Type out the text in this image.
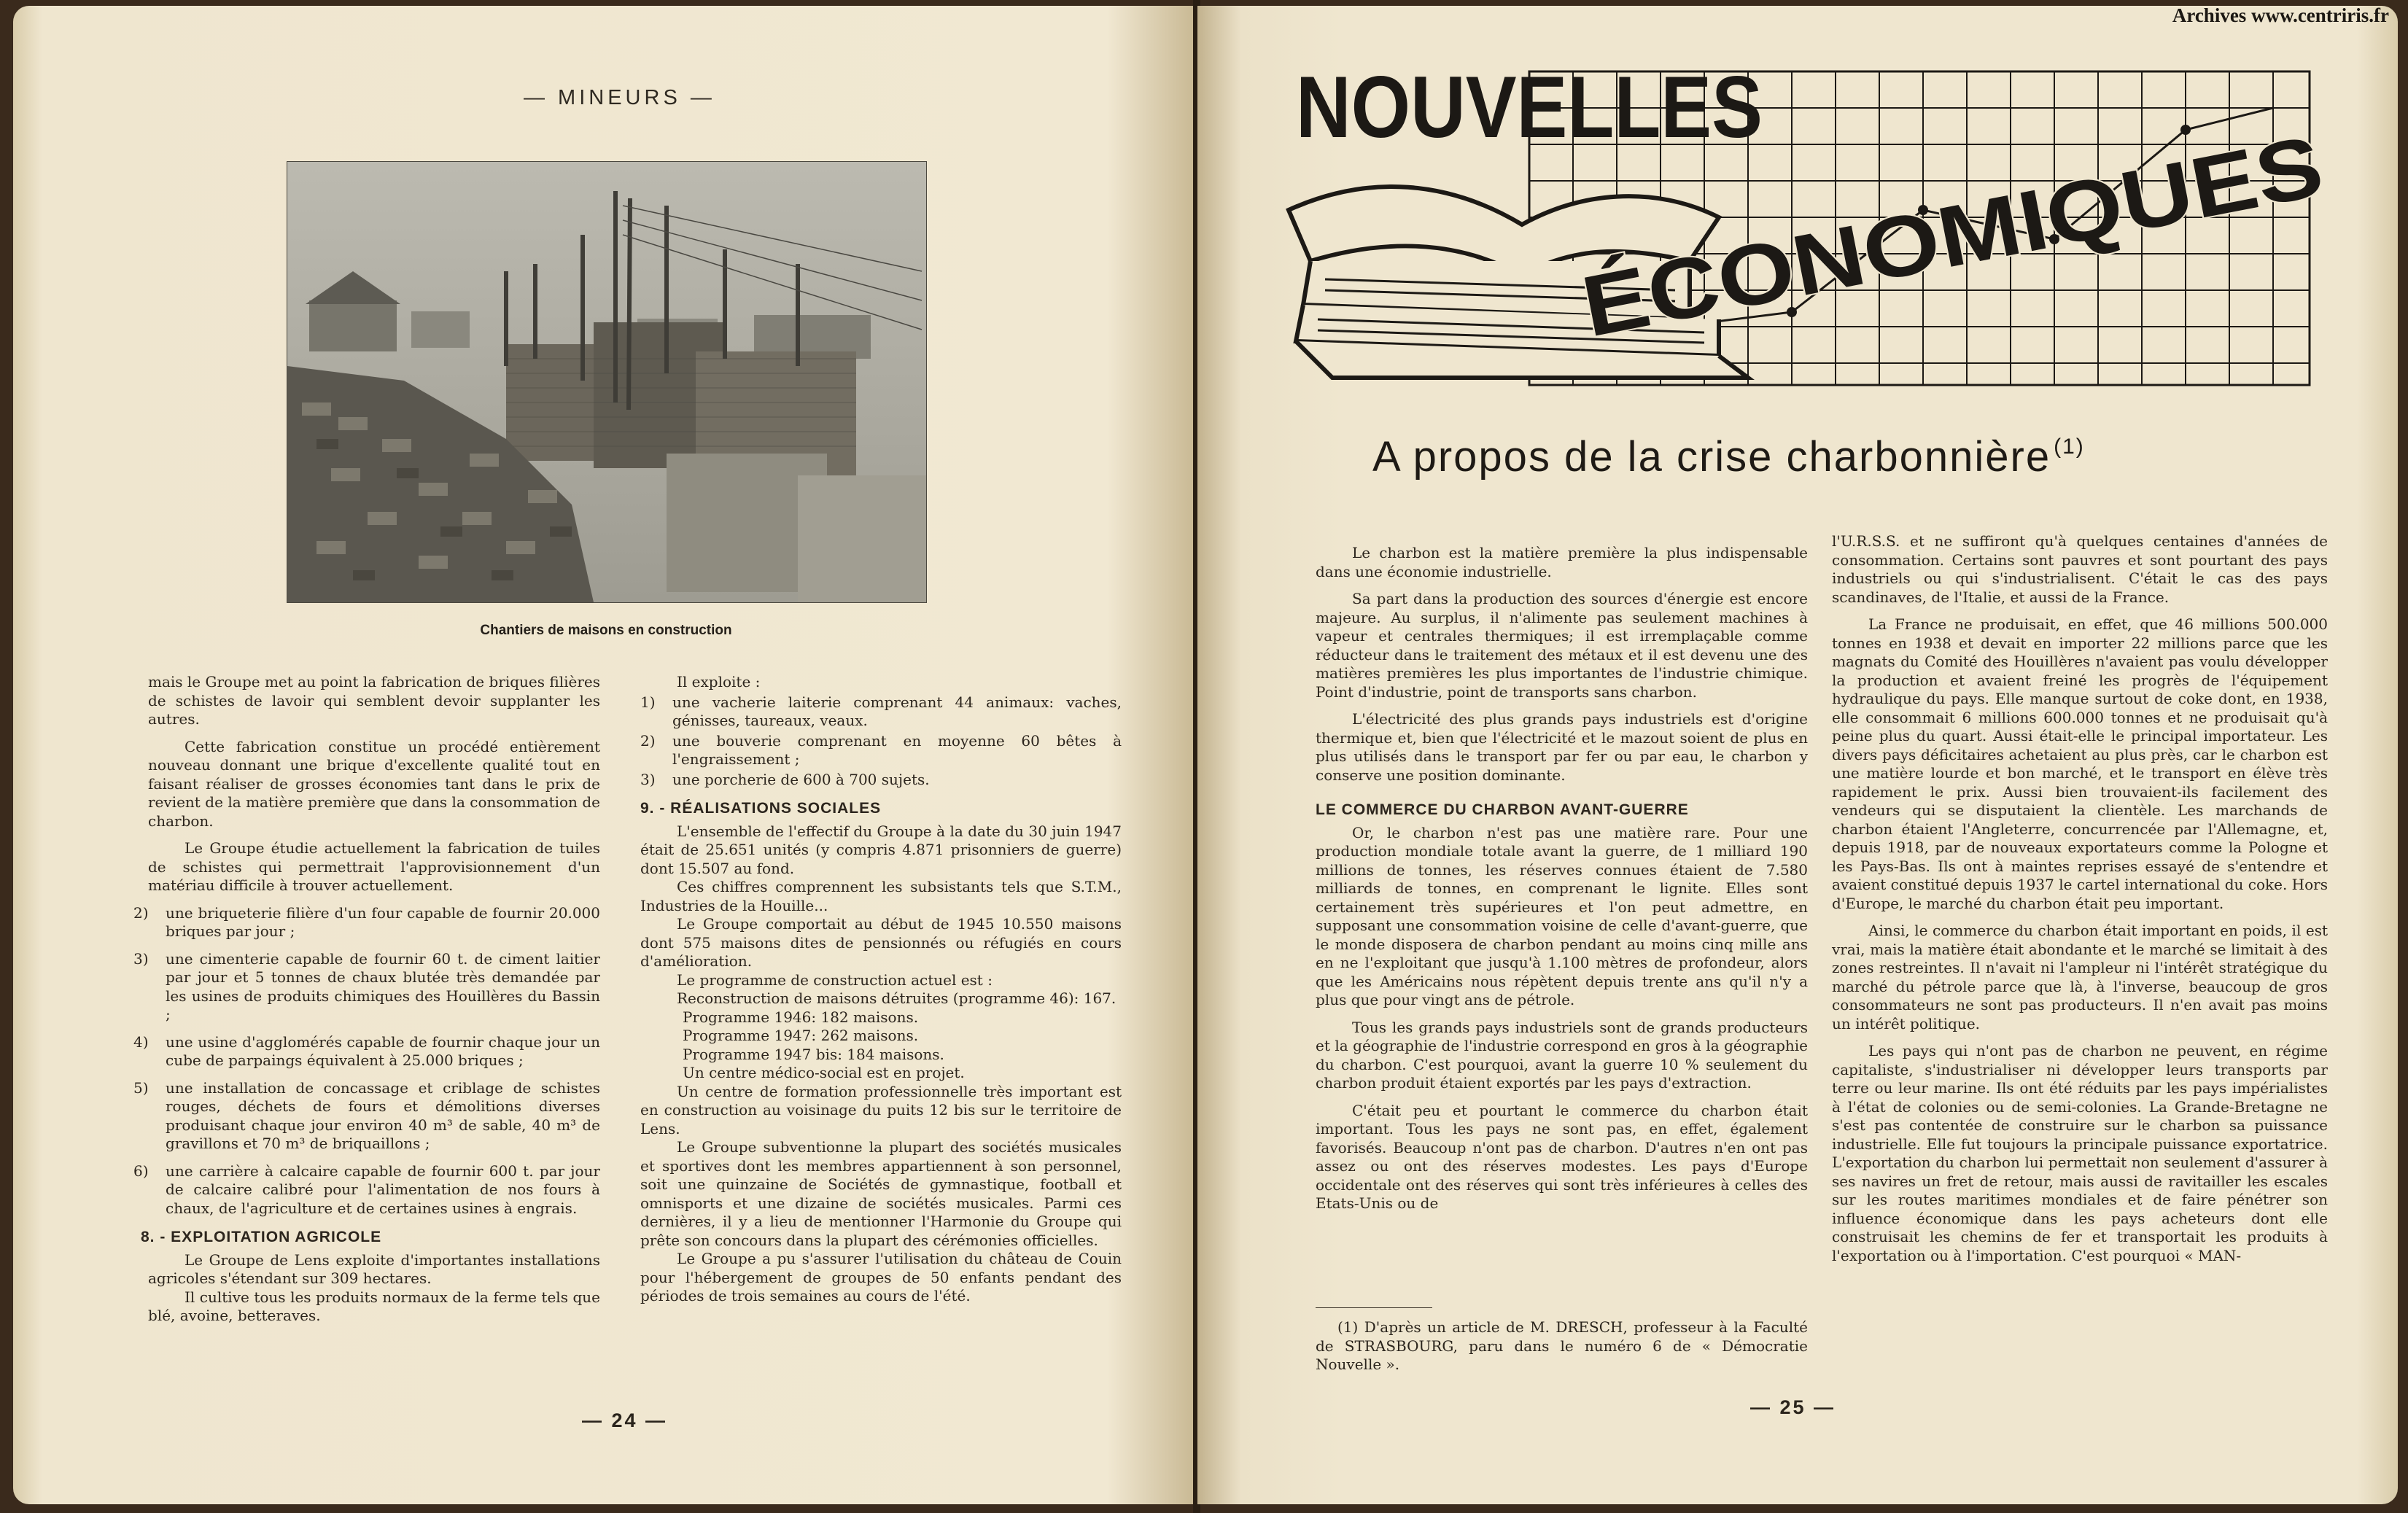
— MINEURS —
Chantiers de maisons en construction

mais le Groupe met au point la fabrication de briques filières de schistes de lavoir qui semblent devoir supplanter les autres.

Cette fabrication constitue un procédé entièrement nouveau donnant une brique d'excellente qualité tout en faisant réaliser de grosses économies tant dans le prix de revient de la matière première que dans la consommation de charbon.

Le Groupe étudie actuellement la fabrication de tuiles de schistes qui permettrait l'approvisionnement d'un matériau difficile à trouver actuellement.

2) une briqueterie filière d'un four capable de fournir 20.000 briques par jour ;
3) une cimenterie capable de fournir 60 t. de ciment laitier par jour et 5 tonnes de chaux blutée très demandée par les usines de produits chimiques des Houillères du Bassin ;
4) une usine d'agglomérés capable de fournir chaque jour un cube de parpaings équivalent à 25.000 briques ;
5) une installation de concassage et criblage de schistes rouges, déchets de fours et démolitions diverses produisant chaque jour environ 40 m³ de sable, 40 m³ de gravillons et 70 m³ de briquaillons ;
6) une carrière à calcaire capable de fournir 600 t. par jour de calcaire calibré pour l'alimentation de nos fours à chaux, de l'agriculture et de certaines usines à engrais.
8. - EXPLOITATION AGRICOLE

Le Groupe de Lens exploite d'importantes installations agricoles s'étendant sur 309 hectares.

Il cultive tous les produits normaux de la ferme tels que blé, avoine, betteraves.

Il exploite :

1) une vacherie laiterie comprenant 44 animaux: vaches, génisses, taureaux, veaux.
2) une bouverie comprenant en moyenne 60 bêtes à l'engraissement ;
3) une porcherie de 600 à 700 sujets.
9. - RÉALISATIONS SOCIALES

L'ensemble de l'effectif du Groupe à la date du 30 juin 1947 était de 25.651 unités (y compris 4.871 prisonniers de guerre) dont 15.507 au fond.

Ces chiffres comprennent les subsistants tels que S.T.M., Industries de la Houille...

Le Groupe comportait au début de 1945 10.550 maisons dont 575 maisons dites de pensionnés ou réfugiés en cours d'amélioration.

Le programme de construction actuel est :

Reconstruction de maisons détruites (programme 46): 167.

Programme 1946: 182 maisons.
Programme 1947: 262 maisons.
Programme 1947 bis: 184 maisons.
Un centre médico-social est en projet.

Un centre de formation professionnelle très important est en construction au voisinage du puits 12 bis sur le territoire de Lens.

Le Groupe subventionne la plupart des sociétés musicales et sportives dont les membres appartiennent à son personnel, soit une quinzaine de Sociétés de gymnastique, football et omnisports et une dizaine de sociétés musicales. Parmi ces dernières, il y a lieu de mentionner l'Harmonie du Groupe qui prête son concours dans la plupart des cérémonies officielles.

Le Groupe a pu s'assurer l'utilisation du château de Couin pour l'hébergement de groupes de 50 enfants pendant des périodes de trois semaines au cours de l'été.

— 24 —
NOUVELLES
ÉCONOMIQUES
A propos de la crise charbonnière $^{(1)}$

Le charbon est la matière première la plus indispensable dans une économie industrielle.

Sa part dans la production des sources d'énergie est encore majeure. Au surplus, il n'alimente pas seulement machines à vapeur et centrales thermiques; il est irremplaçable comme réducteur dans le traitement des métaux et il est devenu une des matières premières les plus importantes de l'industrie chimique. Point d'industrie, point de transports sans charbon.

L'électricité des plus grands pays industriels est d'origine thermique et, bien que l'électricité et le mazout soient de plus en plus utilisés dans le transport par fer ou par eau, le charbon y conserve une position dominante.

LE COMMERCE DU CHARBON AVANT-GUERRE

Or, le charbon n'est pas une matière rare. Pour une production mondiale totale avant la guerre, de 1 milliard 190 millions de tonnes, les réserves connues étaient de 7.580 milliards de tonnes, en comprenant le lignite. Elles sont certainement très supérieures et l'on peut admettre, en supposant une consommation voisine de celle d'avant-guerre, que le monde disposera de charbon pendant au moins cinq mille ans en ne l'exploitant que jusqu'à 1.100 mètres de profondeur, alors que les Américains nous répètent depuis trente ans qu'il n'y a plus que pour vingt ans de pétrole.

Tous les grands pays industriels sont de grands producteurs et la géographie de l'industrie correspond en gros à la géographie du charbon. C'est pourquoi, avant la guerre 10 % seulement du charbon produit étaient exportés par les pays d'extraction.

C'était peu et pourtant le commerce du charbon était important. Tous les pays ne sont pas, en effet, également favorisés. Beaucoup n'ont pas de charbon. D'autres n'en ont pas assez ou ont des réserves modestes. Les pays d'Europe occidentale ont des réserves qui sont très inférieures à celles des Etats-Unis ou de

(1) D'après un article de M. DRESCH, professeur à la Faculté de STRASBOURG, paru dans le numéro 6 de « Démocratie Nouvelle ».

l'U.R.S.S. et ne suffiront qu'à quelques centaines d'années de consommation. Certains sont pauvres et sont pourtant des pays industriels ou qui s'industrialisent. C'était le cas des pays scandinaves, de l'Italie, et aussi de la France.

La France ne produisait, en effet, que 46 millions 500.000 tonnes en 1938 et devait en importer 22 millions parce que les magnats du Comité des Houillères n'avaient pas voulu développer la production et avaient freiné les progrès de l'équipement hydraulique du pays. Elle manque surtout de coke dont, en 1938, elle consommait 6 millions 600.000 tonnes et ne produisait qu'à peine plus du quart. Aussi était-elle le principal importateur. Les divers pays déficitaires achetaient au plus près, car le charbon est une matière lourde et bon marché, et le transport en élève très rapidement le prix. Aussi bien trouvaient-ils facilement des vendeurs qui se disputaient la clientèle. Les marchands de charbon étaient l'Angleterre, concurrencée par l'Allemagne, et, depuis 1918, par de nouveaux exportateurs comme la Pologne et les Pays-Bas. Ils ont à maintes reprises essayé de s'entendre et avaient constitué depuis 1937 le cartel international du coke. Hors d'Europe, le marché du charbon était peu important.

Ainsi, le commerce du charbon était important en poids, il est vrai, mais la matière était abondante et le marché se limitait à des zones restreintes. Il n'avait ni l'ampleur ni l'intérêt stratégique du marché du pétrole parce que là, à l'inverse, beaucoup de gros consommateurs ne sont pas producteurs. Il n'en avait pas moins un intérêt politique.

Les pays qui n'ont pas de charbon ne peuvent, en régime capitaliste, s'industrialiser ni développer leurs transports par terre ou leur marine. Ils ont été réduits par les pays impérialistes à l'état de colonies ou de semi-colonies. La Grande-Bretagne ne s'est pas contentée de construire sur le charbon sa puissance industrielle. Elle fut toujours la principale puissance exportatrice. L'exportation du charbon lui permettait non seulement d'assurer à ses navires un fret de retour, mais aussi de ravitailler les escales sur les routes maritimes mondiales et de faire pénétrer son influence économique dans les pays acheteurs dont elle construisait les chemins de fer et transportait les produits à l'exportation ou à l'importation. C'est pourquoi « MAN-

— 25 —
Archives www.centriris.fr
